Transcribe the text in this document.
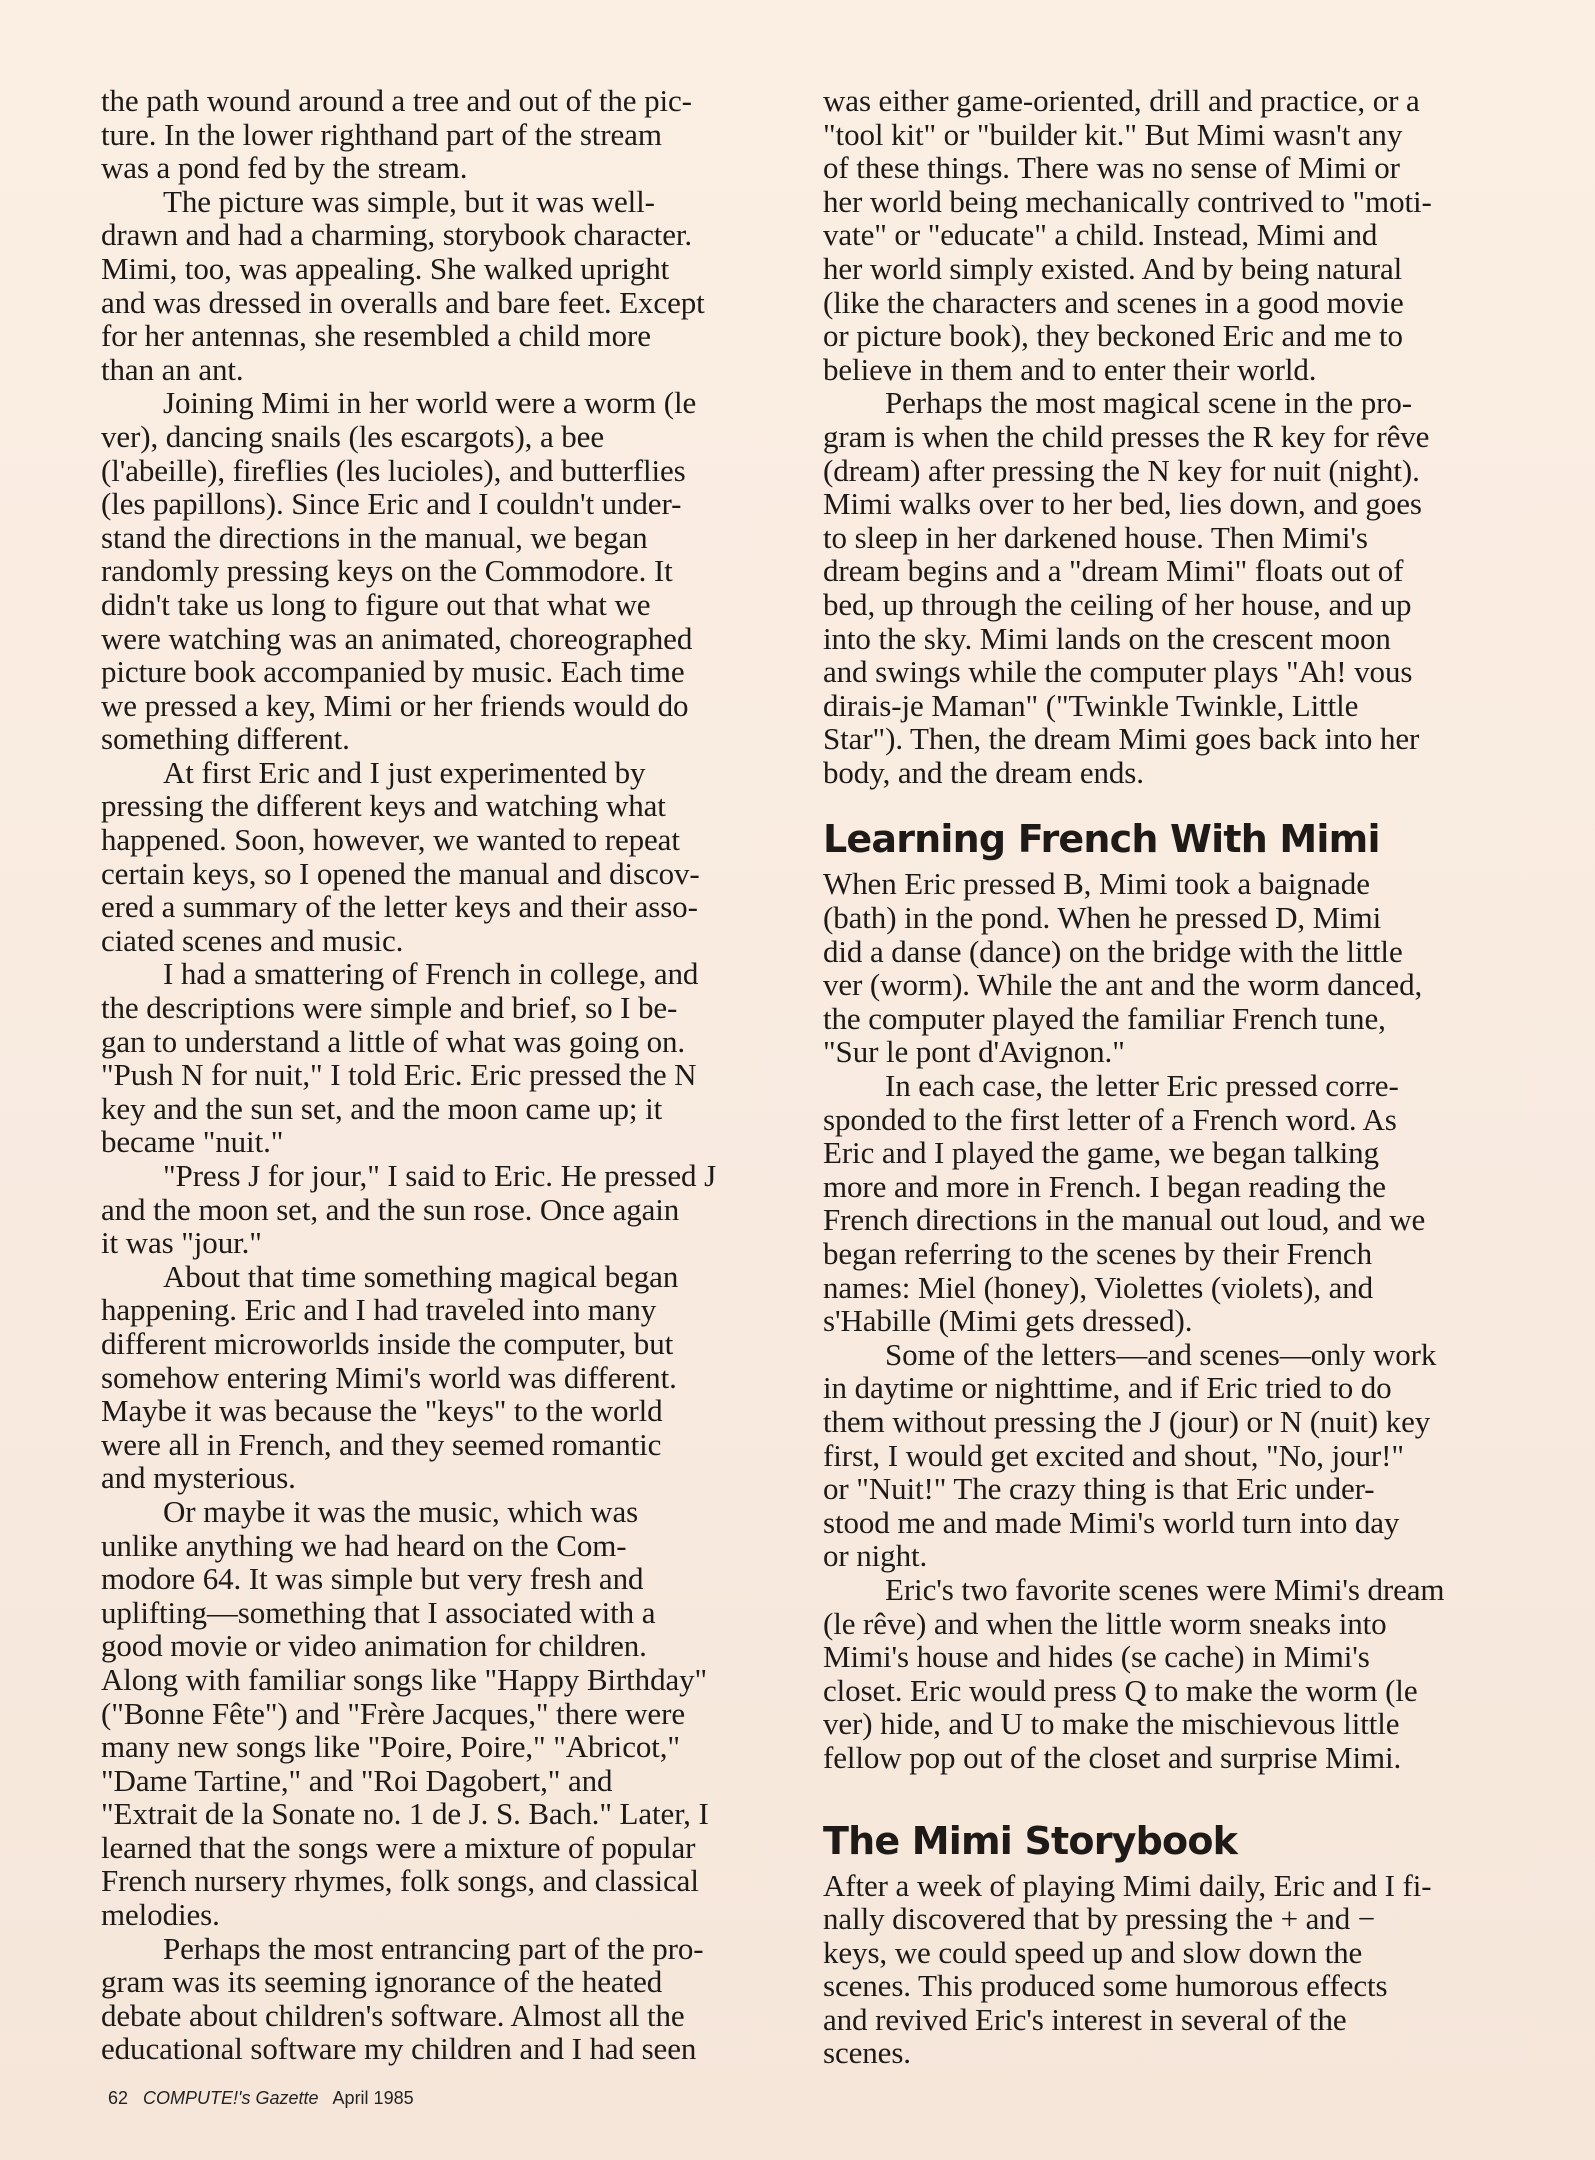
the path wound around a tree and out of the pic-
ture. In the lower righthand part of the stream
was a pond fed by the stream.

The picture was simple, but it was well-
drawn and had a charming, storybook character.
Mimi, too, was appealing. She walked upright
and was dressed in overalls and bare feet. Except
for her antennas, she resembled a child more
than an ant.

Joining Mimi in her world were a worm (le
ver), dancing snails (les escargots), a bee
(l'abeille), fireflies (les lucioles), and butterflies
(les papillons). Since Eric and I couldn't under-
stand the directions in the manual, we began
randomly pressing keys on the Commodore. It
didn't take us long to figure out that what we
were watching was an animated, choreographed
picture book accompanied by music. Each time
we pressed a key, Mimi or her friends would do
something different.

At first Eric and I just experimented by
pressing the different keys and watching what
happened. Soon, however, we wanted to repeat
certain keys, so I opened the manual and discov-
ered a summary of the letter keys and their asso-
ciated scenes and music.

I had a smattering of French in college, and
the descriptions were simple and brief, so I be-
gan to understand a little of what was going on.
"Push N for nuit," I told Eric. Eric pressed the N
key and the sun set, and the moon came up; it
became "nuit."

"Press J for jour," I said to Eric. He pressed J
and the moon set, and the sun rose. Once again
it was "jour."

About that time something magical began
happening. Eric and I had traveled into many
different microworlds inside the computer, but
somehow entering Mimi's world was different.
Maybe it was because the "keys" to the world
were all in French, and they seemed romantic
and mysterious.

Or maybe it was the music, which was
unlike anything we had heard on the Com-
modore 64. It was simple but very fresh and
uplifting—something that I associated with a
good movie or video animation for children.
Along with familiar songs like "Happy Birthday"
("Bonne Fête") and "Frère Jacques," there were
many new songs like "Poire, Poire," "Abricot,"
"Dame Tartine," and "Roi Dagobert," and
"Extrait de la Sonate no. 1 de J. S. Bach." Later, I
learned that the songs were a mixture of popular
French nursery rhymes, folk songs, and classical
melodies.

Perhaps the most entrancing part of the pro-
gram was its seeming ignorance of the heated
debate about children's software. Almost all the
educational software my children and I had seen

was either game-oriented, drill and practice, or a
"tool kit" or "builder kit." But Mimi wasn't any
of these things. There was no sense of Mimi or
her world being mechanically contrived to "moti-
vate" or "educate" a child. Instead, Mimi and
her world simply existed. And by being natural
(like the characters and scenes in a good movie
or picture book), they beckoned Eric and me to
believe in them and to enter their world.

Perhaps the most magical scene in the pro-
gram is when the child presses the R key for rêve
(dream) after pressing the N key for nuit (night).
Mimi walks over to her bed, lies down, and goes
to sleep in her darkened house. Then Mimi's
dream begins and a "dream Mimi" floats out of
bed, up through the ceiling of her house, and up
into the sky. Mimi lands on the crescent moon
and swings while the computer plays "Ah! vous
dirais-je Maman" ("Twinkle Twinkle, Little
Star"). Then, the dream Mimi goes back into her
body, and the dream ends.

Learning French With Mimi

When Eric pressed B, Mimi took a baignade
(bath) in the pond. When he pressed D, Mimi
did a danse (dance) on the bridge with the little
ver (worm). While the ant and the worm danced,
the computer played the familiar French tune,
"Sur le pont d'Avignon."

In each case, the letter Eric pressed corre-
sponded to the first letter of a French word. As
Eric and I played the game, we began talking
more and more in French. I began reading the
French directions in the manual out loud, and we
began referring to the scenes by their French
names: Miel (honey), Violettes (violets), and
s'Habille (Mimi gets dressed).

Some of the letters—and scenes—only work
in daytime or nighttime, and if Eric tried to do
them without pressing the J (jour) or N (nuit) key
first, I would get excited and shout, "No, jour!"
or "Nuit!" The crazy thing is that Eric under-
stood me and made Mimi's world turn into day
or night.

Eric's two favorite scenes were Mimi's dream
(le rêve) and when the little worm sneaks into
Mimi's house and hides (se cache) in Mimi's
closet. Eric would press Q to make the worm (le
ver) hide, and U to make the mischievous little
fellow pop out of the closet and surprise Mimi.

The Mimi Storybook

After a week of playing Mimi daily, Eric and I fi-
nally discovered that by pressing the + and −
keys, we could speed up and slow down the
scenes. This produced some humorous effects
and revived Eric's interest in several of the
scenes.

62 COMPUTE!'s Gazette April 1985
